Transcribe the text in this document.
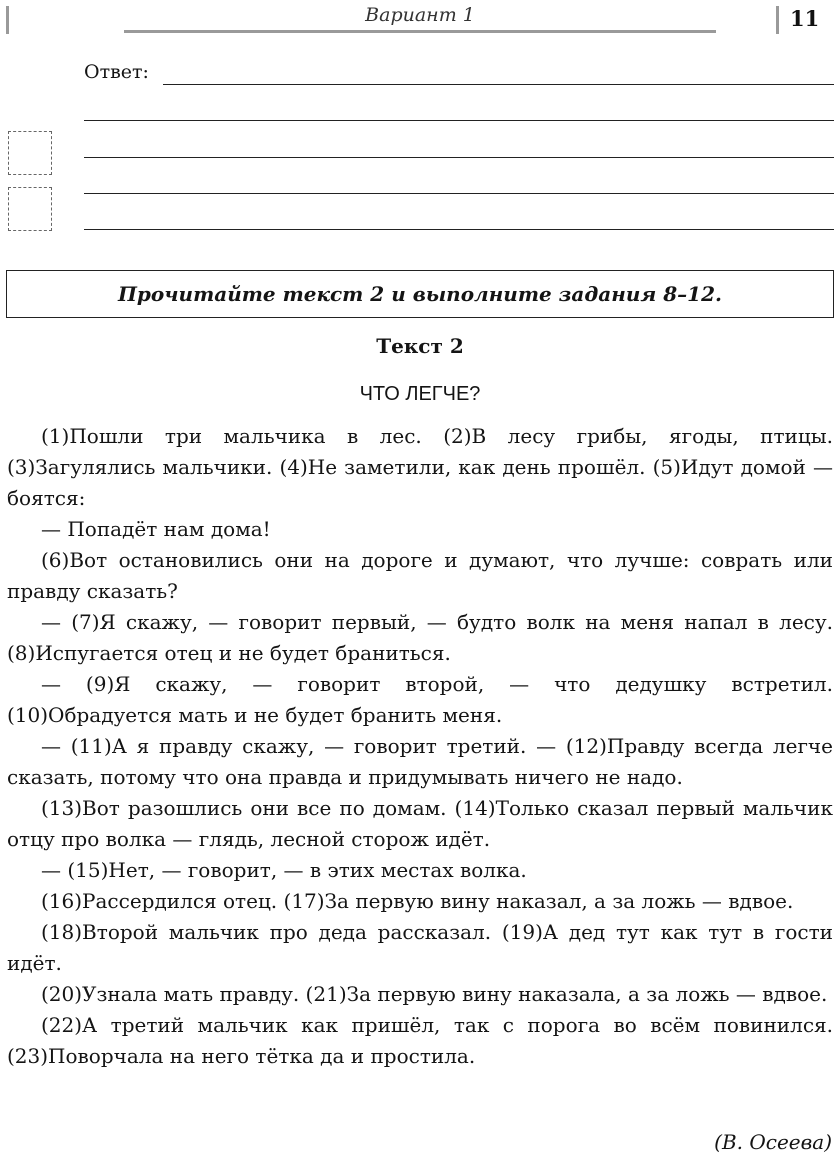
Вариант 1	11
Ответ:
Прочитайте текст 2 и выполните задания 8–12.
Текст 2
ЧТО ЛЕГЧЕ?

(1)Пошли три мальчика в лес. (2)В лесу грибы, ягоды, птицы. (3)Загулялись мальчики. (4)Не заметили, как день прошёл. (5)Идут домой — боятся:

— Попадёт нам дома!

(6)Вот остановились они на дороге и думают, что лучше: соврать или правду сказать?

— (7)Я скажу, — говорит первый, — будто волк на меня напал в лесу. (8)Испугается отец и не будет браниться.

— (9)Я скажу, — говорит второй, — что дедушку встретил. (10)Обрадуется мать и не будет бранить меня.

— (11)А я правду скажу, — говорит третий. — (12)Правду всегда легче сказать, потому что она правда и придумывать ничего не надо.

(13)Вот разошлись они все по домам. (14)Только сказал первый мальчик отцу про волка — глядь, лесной сторож идёт.

— (15)Нет, — говорит, — в этих местах волка.

(16)Рассердился отец. (17)За первую вину наказал, а за ложь — вдвое.

(18)Второй мальчик про деда рассказал. (19)А дед тут как тут в гости идёт.

(20)Узнала мать правду. (21)За первую вину наказала, а за ложь — вдвое.

(22)А третий мальчик как пришёл, так с порога во всём повинился. (23)Поворчала на него тётка да и простила.

(В. Осеева)
